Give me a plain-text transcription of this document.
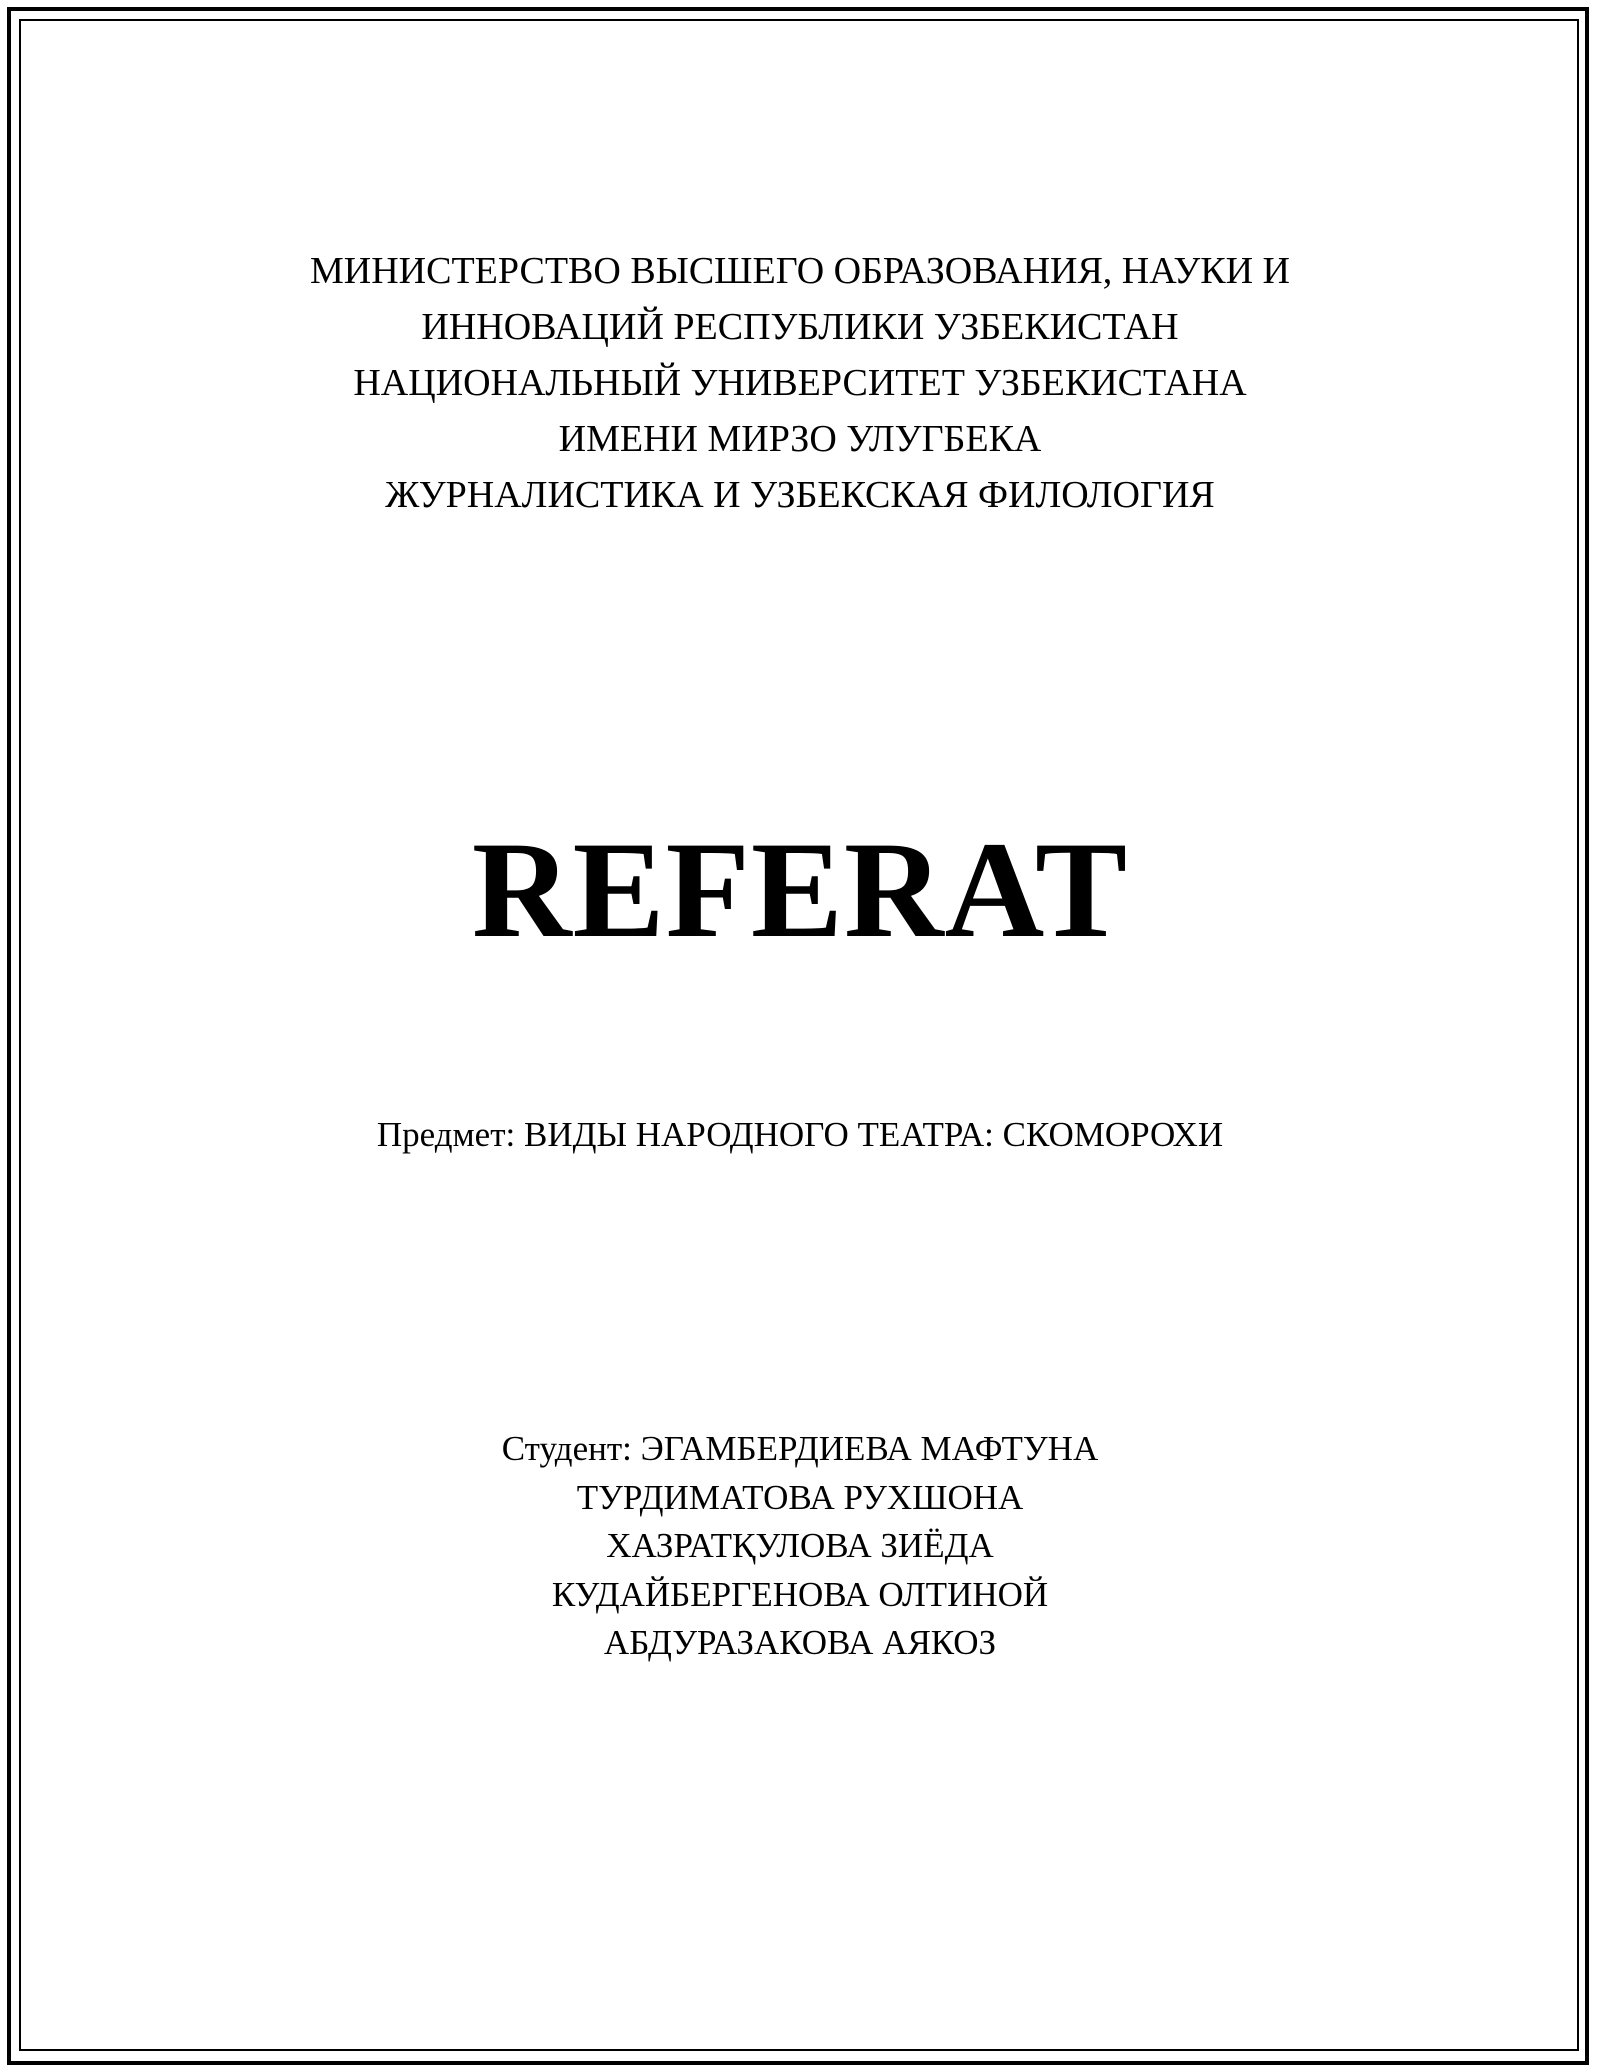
МИНИСТЕРСТВО ВЫСШЕГО ОБРАЗОВАНИЯ, НАУКИ И
ИННОВАЦИЙ РЕСПУБЛИКИ УЗБЕКИСТАН
НАЦИОНАЛЬНЫЙ УНИВЕРСИТЕТ УЗБЕКИСТАНА
ИМЕНИ МИРЗО УЛУГБЕКА
ЖУРНАЛИСТИКА И УЗБЕКСКАЯ ФИЛОЛОГИЯ
REFERAT
Предмет: ВИДЫ НАРОДНОГО ТЕАТРА: СКОМОРОХИ
Студент: ЭГАМБЕРДИЕВА МАФТУНА
ТУРДИМАТОВА РУХШОНА
ХАЗРАТҚУЛОВА ЗИЁДА
КУДАЙБЕРГЕНОВА ОЛТИНОЙ
АБДУРАЗАКОВА АЯКОЗ
